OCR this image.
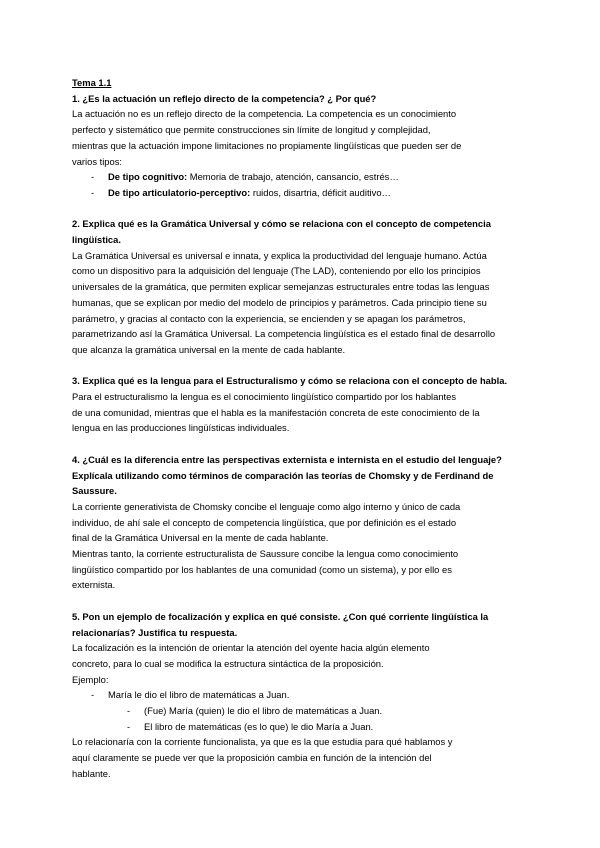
Tema 1.1
1. ¿Es la actuación un reflejo directo de la competencia? ¿ Por qué?

La actuación no es un reflejo directo de la competencia. La competencia es un conocimiento

perfecto y sistemático que permite construcciones sin límite de longitud y complejidad,

mientras que la actuación impone limitaciones no propiamente lingüísticas que pueden ser de

varios tipos:

- De tipo cognitivo: Memoria de trabajo, atención, cansancio, estrés…
- De tipo articulatorio-perceptivo: ruidos, disartria, déficit auditivo…
2. Explica qué es la Gramática Universal y cómo se relaciona con el concepto de competencia
lingüística.

La Gramática Universal es universal e innata, y explica la productividad del lenguaje humano. Actúa

como un dispositivo para la adquisición del lenguaje (The LAD), conteniendo por ello los principios

universales de la gramática, que permiten explicar semejanzas estructurales entre todas las lenguas

humanas, que se explican por medio del modelo de principios y parámetros. Cada principio tiene su

parámetro, y gracias al contacto con la experiencia, se encienden y se apagan los parámetros,

parametrizando así la Gramática Universal. La competencia lingüística es el estado final de desarrollo

que alcanza la gramática universal en la mente de cada hablante.

3. Explica qué es la lengua para el Estructuralismo y cómo se relaciona con el concepto de habla.

Para el estructuralismo la lengua es el conocimiento lingüístico compartido por los hablantes

de una comunidad, mientras que el habla es la manifestación concreta de este conocimiento de la

lengua en las producciones lingüísticas individuales.

4. ¿Cuál es la diferencia entre las perspectivas externista e internista en el estudio del lenguaje?
Explícala utilizando como términos de comparación las teorías de Chomsky y de Ferdinand de
Saussure.

La corriente generativista de Chomsky concibe el lenguaje como algo interno y único de cada

individuo, de ahí sale el concepto de competencia lingüística, que por definición es el estado

final de la Gramática Universal en la mente de cada hablante.

Mientras tanto, la corriente estructuralista de Saussure concibe la lengua como conocimiento

lingüístico compartido por los hablantes de una comunidad (como un sistema), y por ello es

externista.

5. Pon un ejemplo de focalización y explica en qué consiste. ¿Con qué corriente lingüística la
relacionarías? Justifica tu respuesta.

La focalización es la intención de orientar la atención del oyente hacia algún elemento

concreto, para lo cual se modifica la estructura sintáctica de la proposición.

Ejemplo:

- María le dio el libro de matemáticas a Juan.
- (Fue) María (quien) le dio el libro de matemáticas a Juan.
- El libro de matemáticas (es lo que) le dio María a Juan.

Lo relacionaría con la corriente funcionalista, ya que es la que estudia para qué hablamos y

aquí claramente se puede ver que la proposición cambia en función de la intención del

hablante.
